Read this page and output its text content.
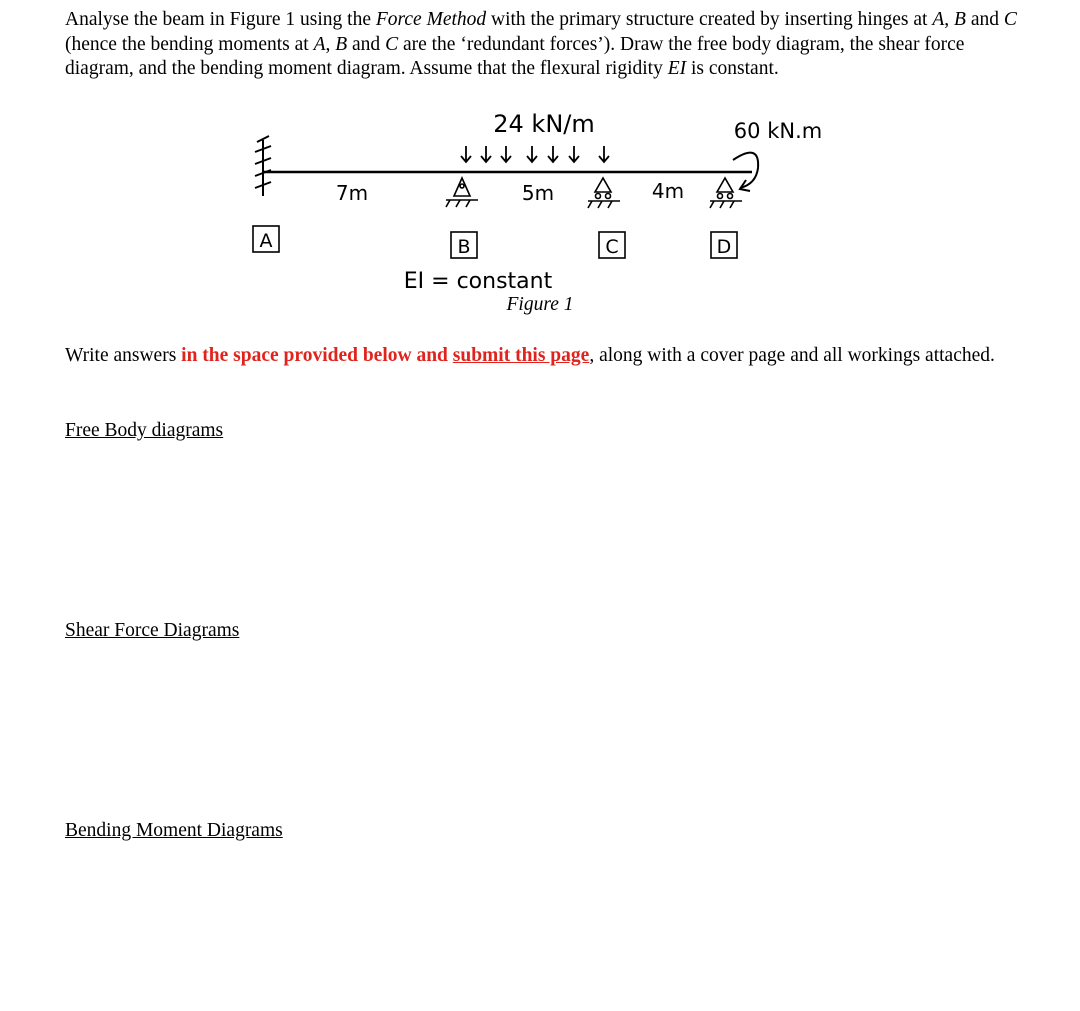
Analyse the beam in Figure 1 using the Force Method with the primary structure created by inserting hinges at A, B and C (hence the bending moments at A, B and C are the ‘redundant forces’). Draw the free body diagram, the shear force diagram, and the bending moment diagram. Assume that the flexural rigidity EI is constant.

24 kN/m	60 kN.m
7m	5m	4m
A	B	C	D
EI = constant

Figure 1

Write answers in the space provided below and submit this page, along with a cover page and all workings attached.

Free Body diagrams

Shear Force Diagrams

Bending Moment Diagrams
